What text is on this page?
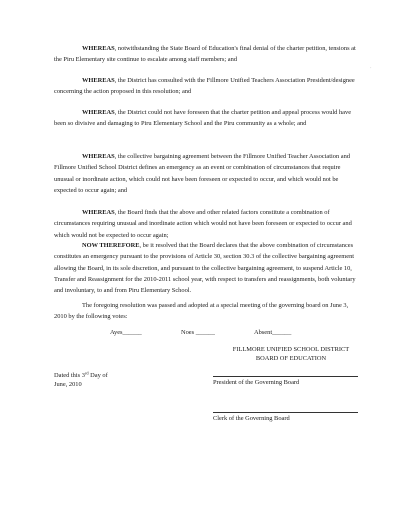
WHEREAS, notwithstanding the State Board of Education's final denial of the charter petition, tensions at the Piru Elementary site continue to escalate among staff members; and

WHEREAS, the District has consulted with the Fillmore Unified Teachers Association President/designee concerning the action proposed in this resolution; and

WHEREAS, the District could not have foreseen that the charter petition and appeal process would have been so divisive and damaging to Piru Elementary School and the Piru community as a whole; and

WHEREAS, the collective bargaining agreement between the Fillmore Unified Teacher Association and Fillmore Unified School District defines an emergency as an event or combination of circumstances that require unusual or inordinate action, which could not have been foreseen or expected to occur, and which would not be expected to occur again; and

WHEREAS, the Board finds that the above and other related factors constitute a combination of circumstances requiring unusual and inordinate action which would not have been foreseen or expected to occur and which would not be expected to occur again;

NOW THEREFORE, be it resolved that the Board declares that the above combination of circumstances constitutes an emergency pursuant to the provisions of Article 30, section 30.3 of the collective bargaining agreement allowing the Board, in its sole discretion, and pursuant to the collective bargaining agreement, to suspend Article 10, Transfer and Reassignment for the 2010-2011 school year, with respect to transfers and reassignments, both voluntary and involuntary, to and from Piru Elementary School.

The foregoing resolution was passed and adopted at a special meeting of the governing board on June 3, 2010 by the following votes:

Ayes______	Noes ______	Absent______
FILLMORE UNIFIED SCHOOL DISTRICT
BOARD OF EDUCATION
Dated this 3rd Day of
June, 2010	President of the Governing Board
Clerk of the Governing Board
˙
